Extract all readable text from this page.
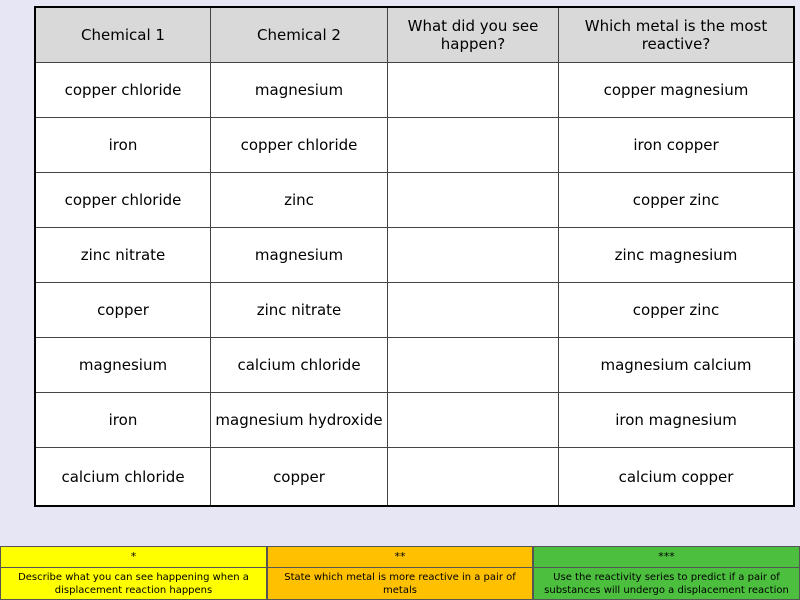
Chemical 1	Chemical 2	What did you see happen?	Which metal is the most reactive?
copper chloride	magnesium		copper magnesium
iron	copper chloride		iron copper
copper chloride	zinc		copper zinc
zinc nitrate	magnesium		zinc magnesium
copper	zinc nitrate		copper zinc
magnesium	calcium chloride		magnesium calcium
iron	magnesium hydroxide		iron magnesium
calcium chloride	copper		calcium copper
*
Describe what you can see happening when a displacement reaction happens
**
State which metal is more reactive in a pair of metals
***
Use the reactivity series to predict if a pair of substances will undergo a displacement reaction
